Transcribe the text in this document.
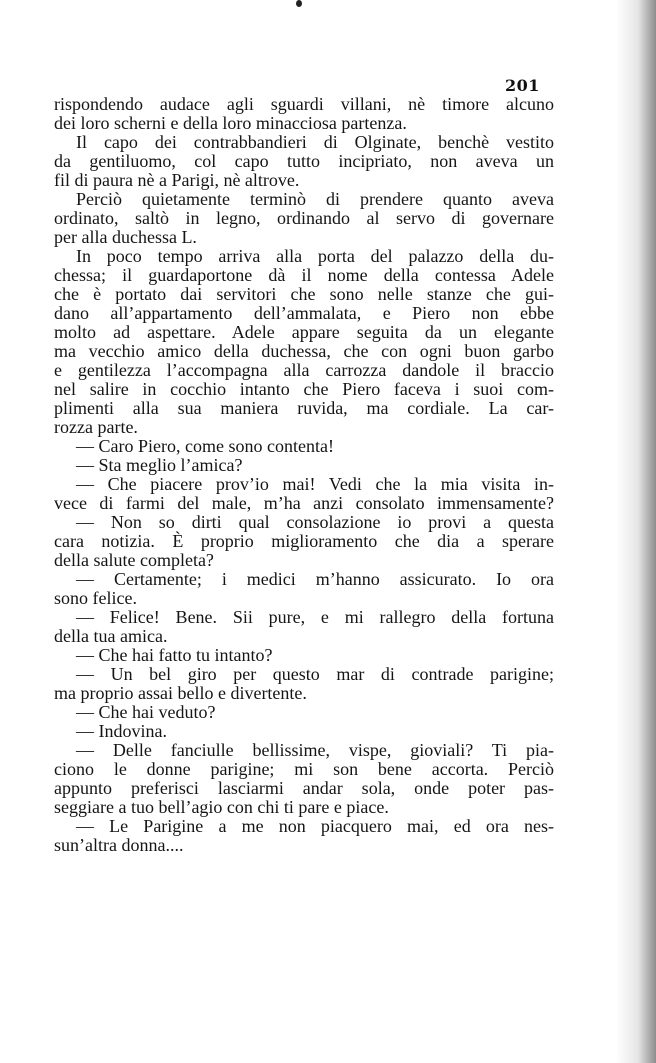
201
rispondendo audace agli sguardi villani, nè timore alcuno
dei loro scherni e della loro minacciosa partenza.
Il capo dei contrabbandieri di Olginate, benchè vestito
da gentiluomo, col capo tutto incipriato, non aveva un
fil di paura nè a Parigi, nè altrove.
Perciò quietamente terminò di prendere quanto aveva
ordinato, saltò in legno, ordinando al servo di governare
per alla duchessa L.
In poco tempo arriva alla porta del palazzo della du-
chessa; il guardaportone dà il nome della contessa Adele
che è portato dai servitori che sono nelle stanze che gui-
dano all’appartamento dell’ammalata, e Piero non ebbe
molto ad aspettare. Adele appare seguita da un elegante
ma vecchio amico della duchessa, che con ogni buon garbo
e gentilezza l’accompagna alla carrozza dandole il braccio
nel salire in cocchio intanto che Piero faceva i suoi com-
plimenti alla sua maniera ruvida, ma cordiale. La car-
rozza parte.
— Caro Piero, come sono contenta!
— Sta meglio l’amica?
— Che piacere prov’io mai! Vedi che la mia visita in-
vece di farmi del male, m’ha anzi consolato immensamente?
— Non so dirti qual consolazione io provi a questa
cara notizia. È proprio miglioramento che dia a sperare
della salute completa?
— Certamente; i medici m’hanno assicurato. Io ora
sono felice.
— Felice! Bene. Sii pure, e mi rallegro della fortuna
della tua amica.
— Che hai fatto tu intanto?
— Un bel giro per questo mar di contrade parigine;
ma proprio assai bello e divertente.
— Che hai veduto?
— Indovina.
— Delle fanciulle bellissime, vispe, gioviali? Ti pia-
ciono le donne parigine; mi son bene accorta. Perciò
appunto preferisci lasciarmi andar sola, onde poter pas-
seggiare a tuo bell’agio con chi ti pare e piace.
— Le Parigine a me non piacquero mai, ed ora nes-
sun’altra donna....
